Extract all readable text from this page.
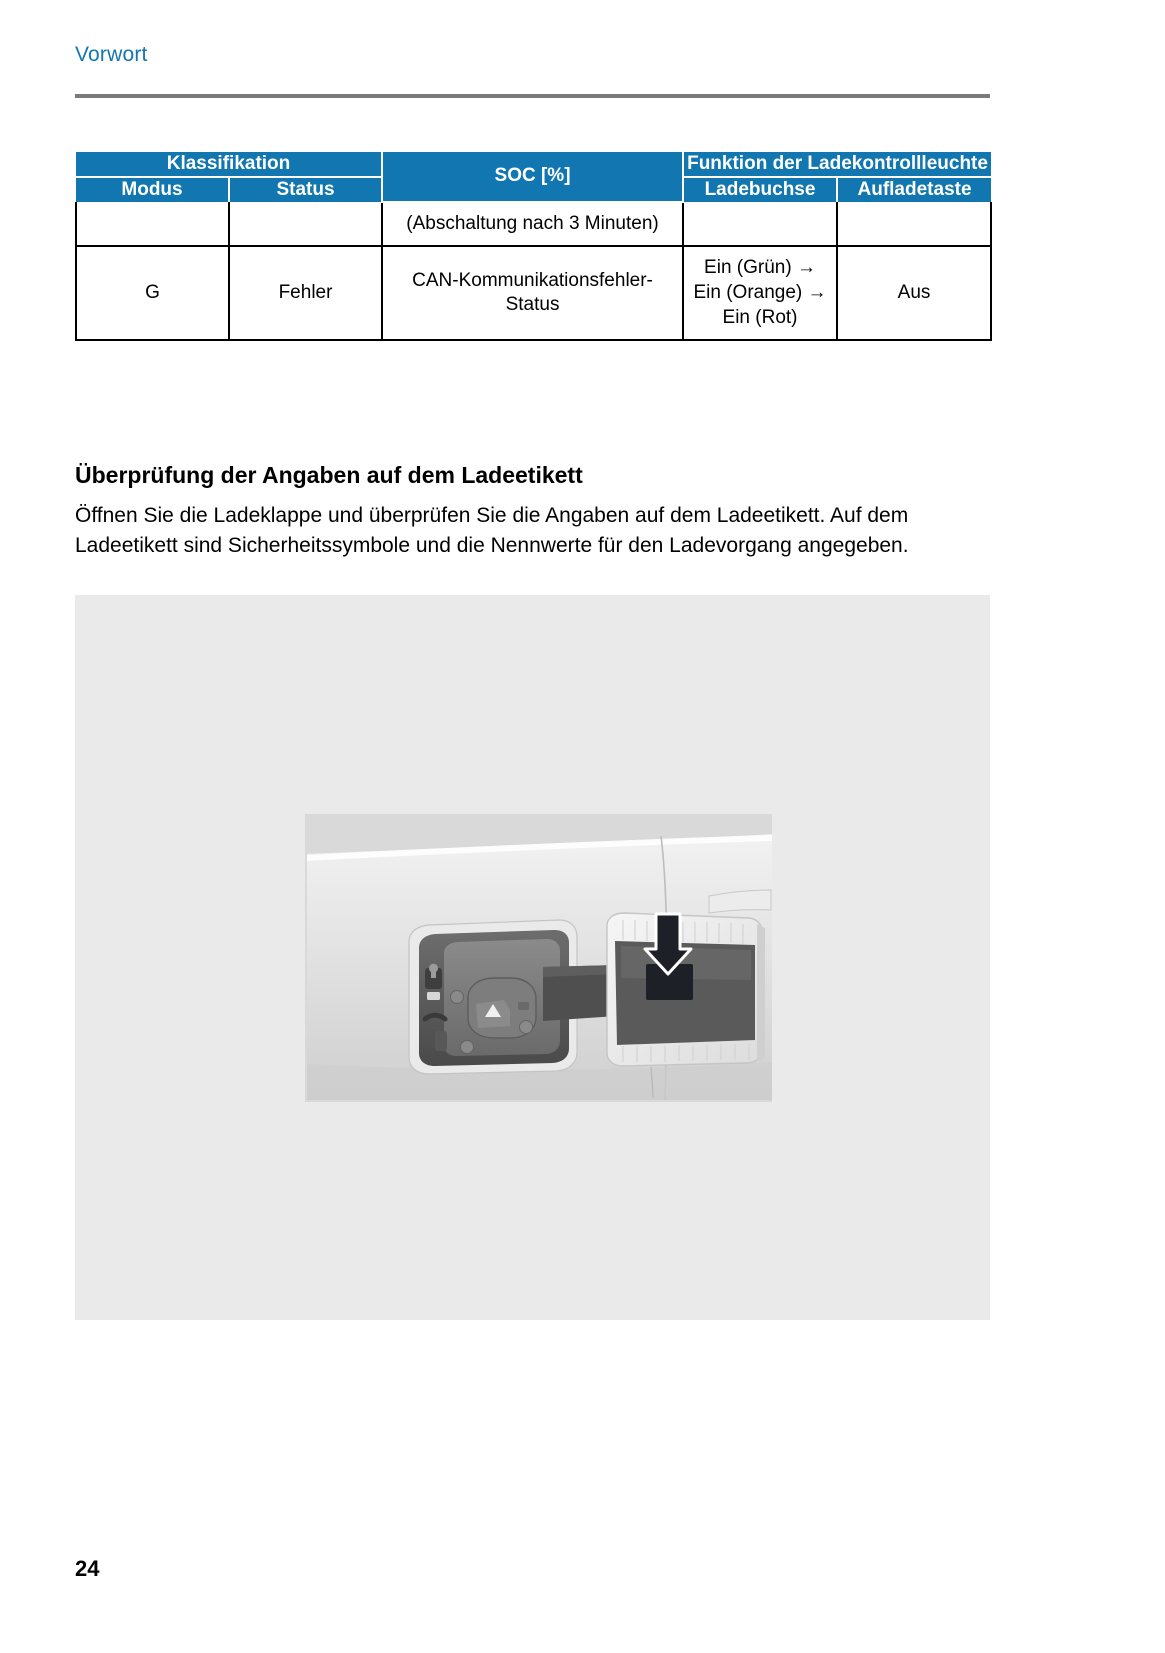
Vorwort
Klassifikation		SOC [%]	Funktion der Ladekontrollleuchte	
Modus	Status		Ladebuchse	Aufladetaste
		(Abschaltung nach 3 Minuten)		
G	Fehler	CAN-Kommunikationsfehler-Status	Ein (Grün) → Ein (Orange) → Ein (Rot)	Aus
Überprüfung der Angaben auf dem Ladeetikett

Öffnen Sie die Ladeklappe und überprüfen Sie die Angaben auf dem Ladeetikett. Auf dem Ladeetikett sind Sicherheitssymbole und die Nennwerte für den Ladevorgang angegeben.

24
